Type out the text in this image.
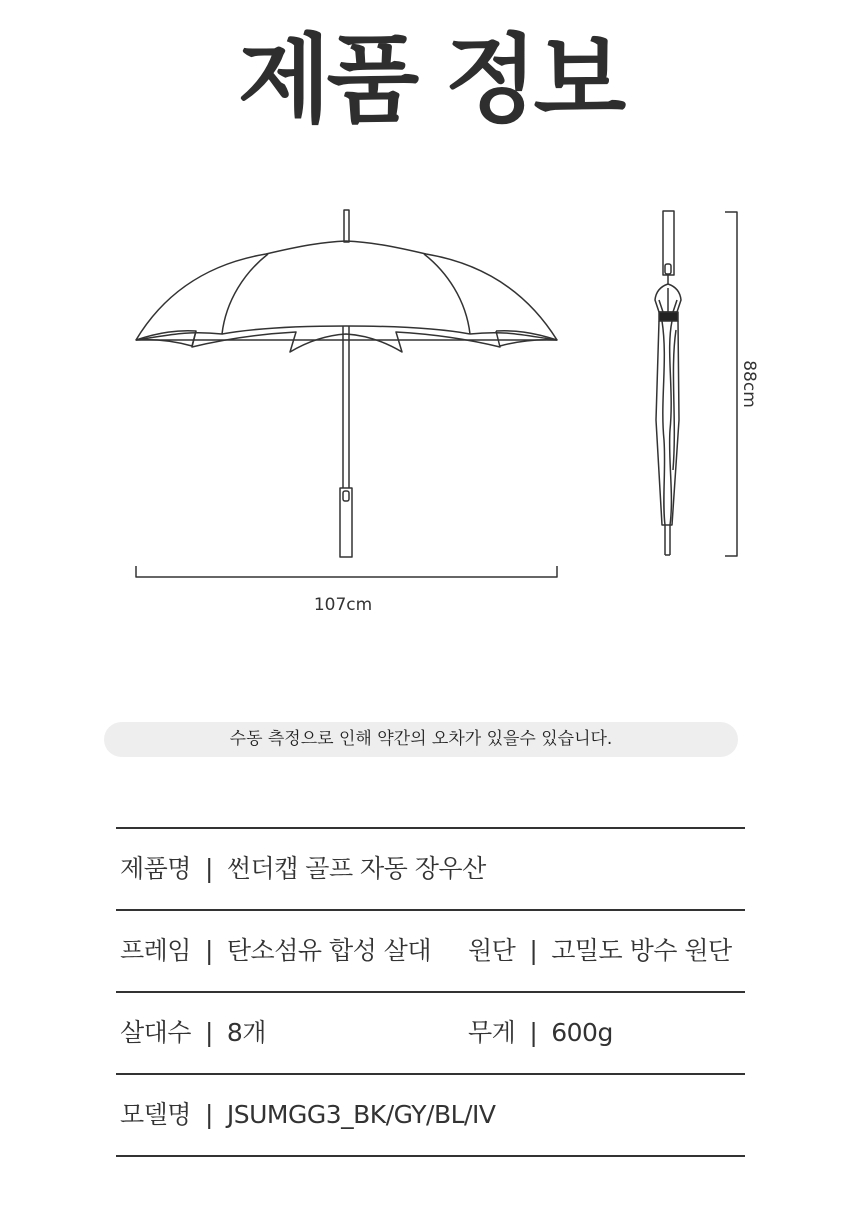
제품 정보
107cm
88cm
수동 측정으로 인해 약간의 오차가 있을수 있습니다.
제품명 | 썬더캡 골프 자동 장우산
프레임 | 탄소섬유 합성 살대 원단 | 고밀도 방수 원단
살대수 | 8개	무게 | 600g
모델명 | JSUMGG3_BK/GY/BL/IV
